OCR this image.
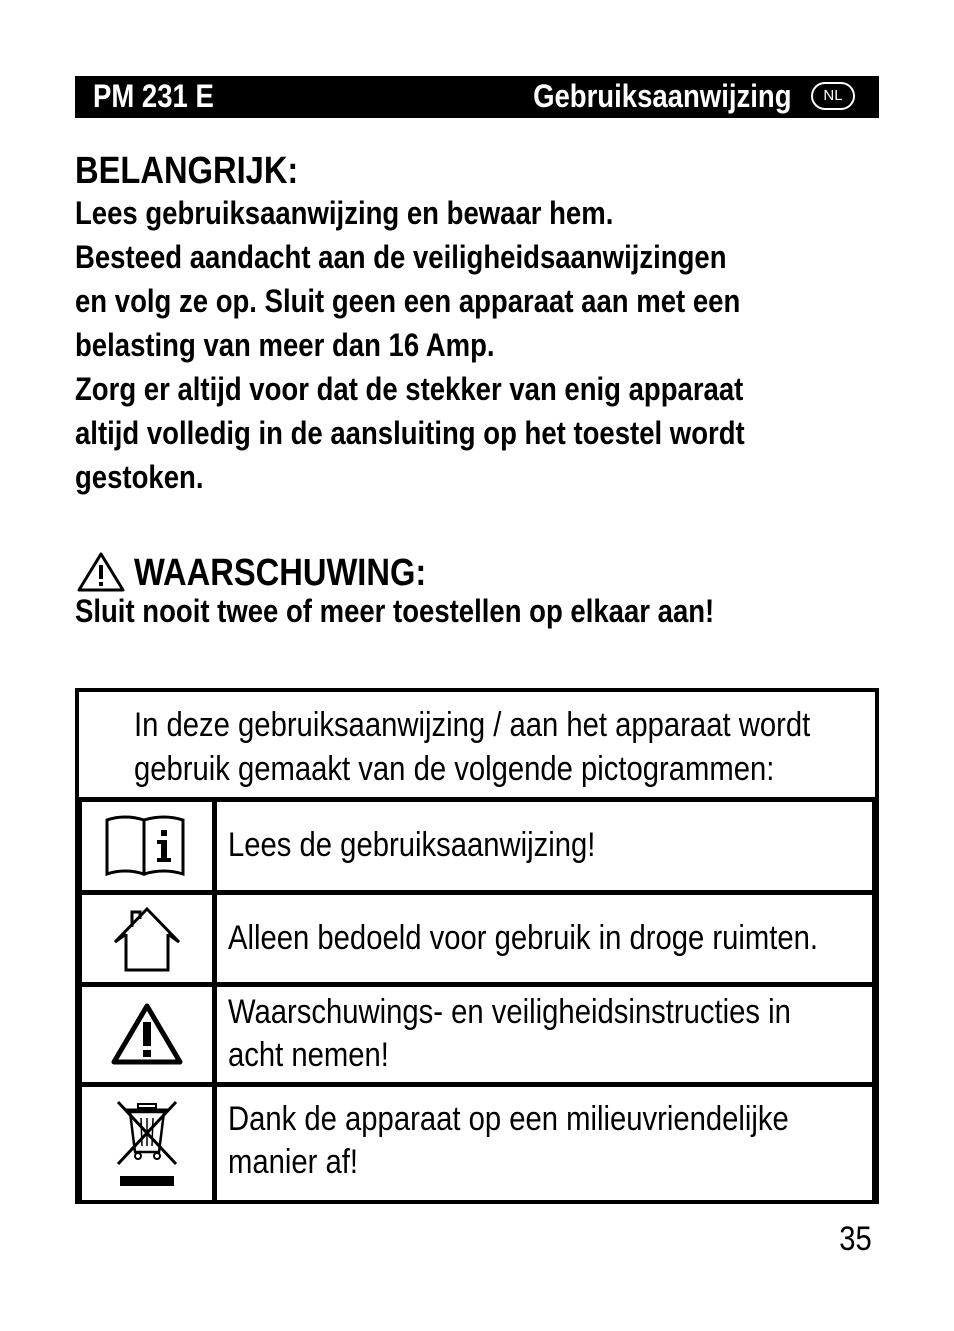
PM 231 E	Gebruiksaanwijzing	NL
BELANGRIJK:
Lees gebruiksaanwijzing en bewaar hem.
Besteed aandacht aan de veiligheidsaanwijzingen
en volg ze op. Sluit geen een apparaat aan met een
belasting van meer dan 16 Amp.
Zorg er altijd voor dat de stekker van enig apparaat
altijd volledig in de aansluiting op het toestel wordt
gestoken.
WAARSCHUWING:
Sluit nooit twee of meer toestellen op elkaar aan!
In deze gebruiksaanwijzing / aan het apparaat wordt
gebruik gemaakt van de volgende pictogrammen:
Lees de gebruiksaanwijzing!
Alleen bedoeld voor gebruik in droge ruimten.
Waarschuwings- en veiligheidsinstructies in
acht nemen!
Dank de apparaat op een milieuvriendelijke
manier af!
35
